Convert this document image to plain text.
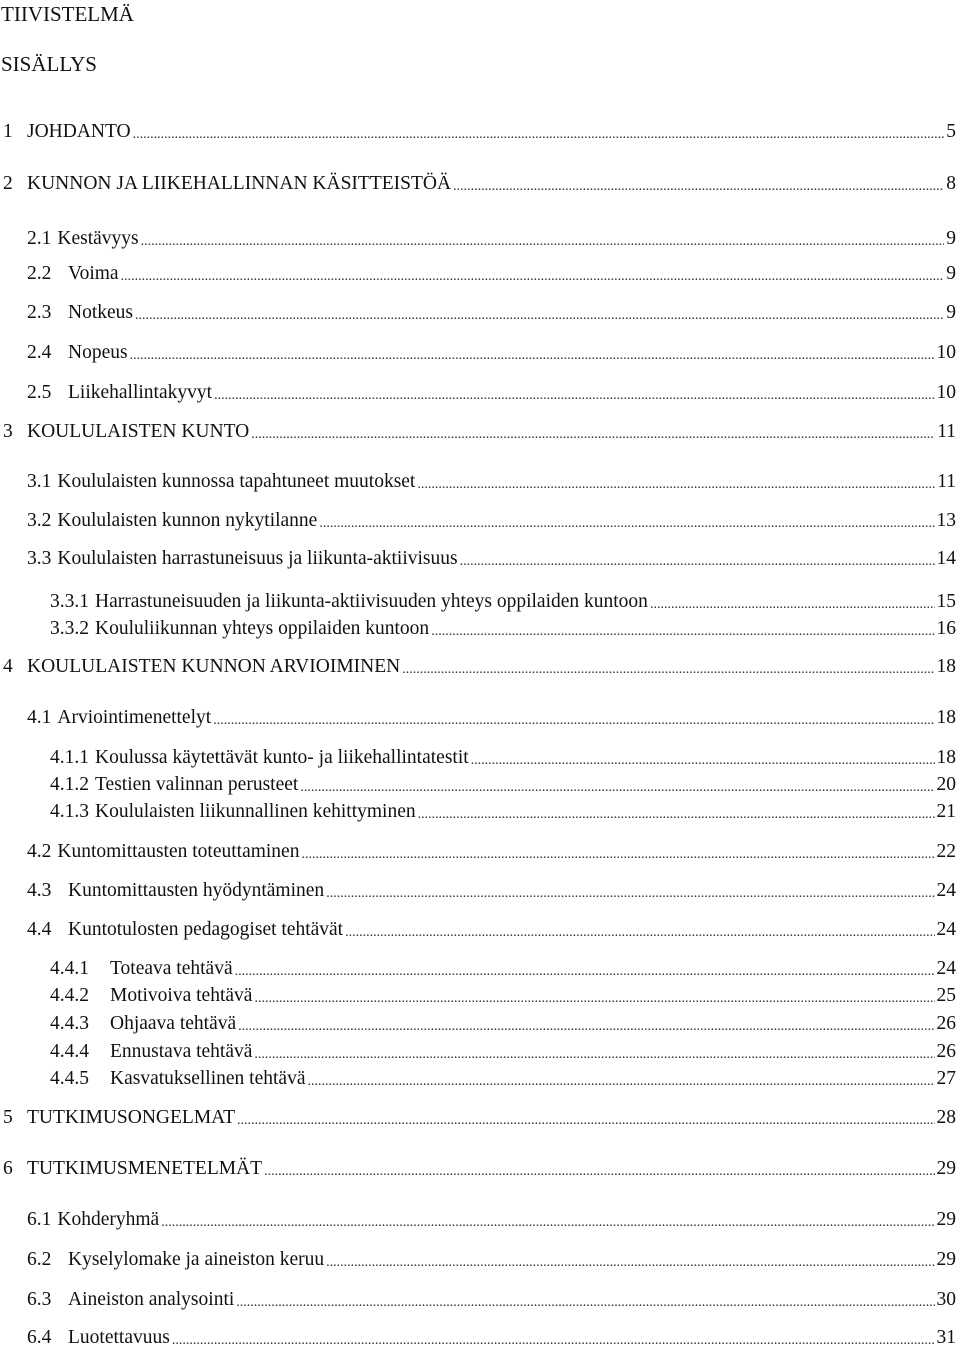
TIIVISTELMÄ
SISÄLLYS
1 JOHDANTO .....	5
2 KUNNON JA LIIKEHALLINNAN KÄSITTEISTÖÄ .....	8
2.1 Kestävyys .....	9
2.2 Voima .....	9
2.3 Notkeus .....	9
2.4 Nopeus .....	10
2.5 Liikehallintakyvyt .....	10
3 KOULULAISTEN KUNTO .....	11
3.1 Koululaisten kunnossa tapahtuneet muutokset .....	11
3.2 Koululaisten kunnon nykytilanne .....	13
3.3 Koululaisten harrastuneisuus ja liikunta-aktiivisuus .....	14
3.3.1 Harrastuneisuuden ja liikunta-aktiivisuuden yhteys oppilaiden kuntoon .....	15
3.3.2 Koululiikunnan yhteys oppilaiden kuntoon .....	16
4 KOULULAISTEN KUNNON ARVIOIMINEN .....	18
4.1 Arviointimenettelyt .....	18
4.1.1 Koulussa käytettävät kunto- ja liikehallintatestit .....	18
4.1.2 Testien valinnan perusteet .....	20
4.1.3 Koululaisten liikunnallinen kehittyminen .....	21
4.2 Kuntomittausten toteuttaminen .....	22
4.3 Kuntomittausten hyödyntäminen .....	24
4.4 Kuntotulosten pedagogiset tehtävät .....	24
4.4.1	Toteava tehtävä .....	24
4.4.2	Motivoiva tehtävä .....	25
4.4.3	Ohjaava tehtävä .....	26
4.4.4	Ennustava tehtävä .....	26
4.4.5	Kasvatuksellinen tehtävä .....	27
5 TUTKIMUSONGELMAT .....	28
6 TUTKIMUSMENETELMÄT .....	29
6.1 Kohderyhmä .....	29
6.2 Kyselylomake ja aineiston keruu .....	29
6.3 Aineiston analysointi .....	30
6.4 Luotettavuus .....	31
